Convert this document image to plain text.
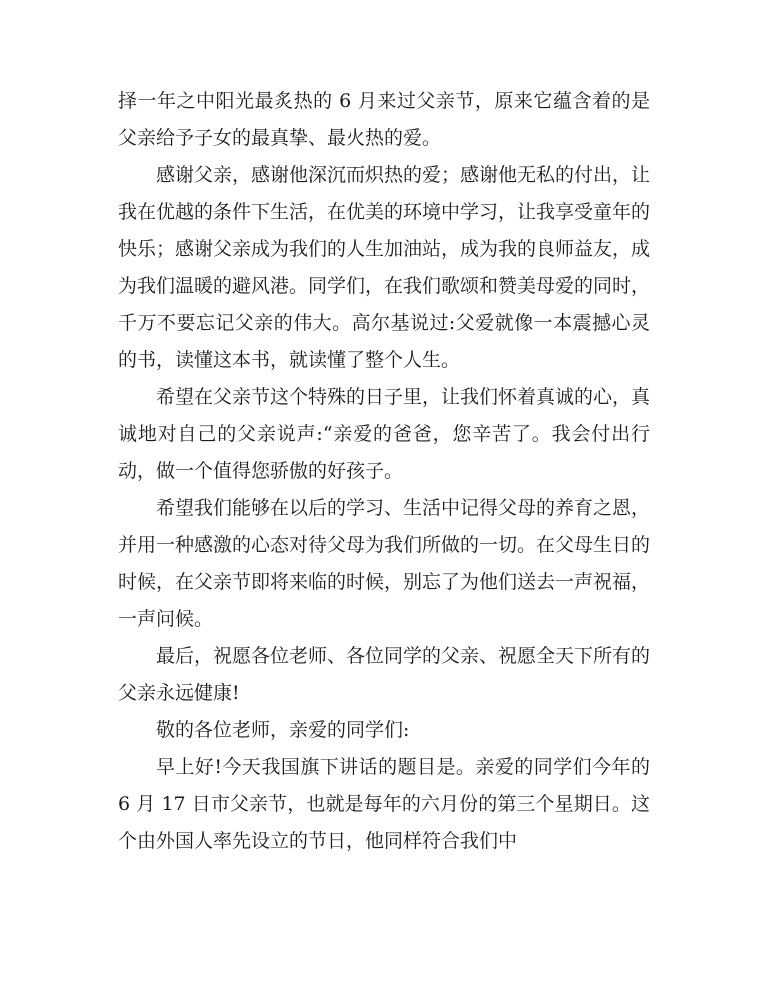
择一年之中阳光最炙热的 6 月来过父亲节，原来它蕴含着的是父亲给予子女的最真挚、最火热的爱。

感谢父亲，感谢他深沉而炽热的爱；感谢他无私的付出，让我在优越的条件下生活，在优美的环境中学习，让我享受童年的快乐；感谢父亲成为我们的人生加油站，成为我的良师益友，成为我们温暖的避风港。同学们，在我们歌颂和赞美母爱的同时，千万不要忘记父亲的伟大。高尔基说过:父爱就像一本震撼心灵的书，读懂这本书，就读懂了整个人生。

希望在父亲节这个特殊的日子里，让我们怀着真诚的心，真诚地对自己的父亲说声:“亲爱的爸爸，您辛苦了。我会付出行动，做一个值得您骄傲的好孩子。

希望我们能够在以后的学习、生活中记得父母的养育之恩，并用一种感激的心态对待父母为我们所做的一切。在父母生日的时候，在父亲节即将来临的时候，别忘了为他们送去一声祝福，一声问候。

最后，祝愿各位老师、各位同学的父亲、祝愿全天下所有的父亲永远健康!

敬的各位老师，亲爱的同学们:

早上好!今天我国旗下讲话的题目是。亲爱的同学们今年的 6 月 17 日市父亲节，也就是每年的六月份的第三个星期日。这个由外国人率先设立的节日，他同样符合我们中
